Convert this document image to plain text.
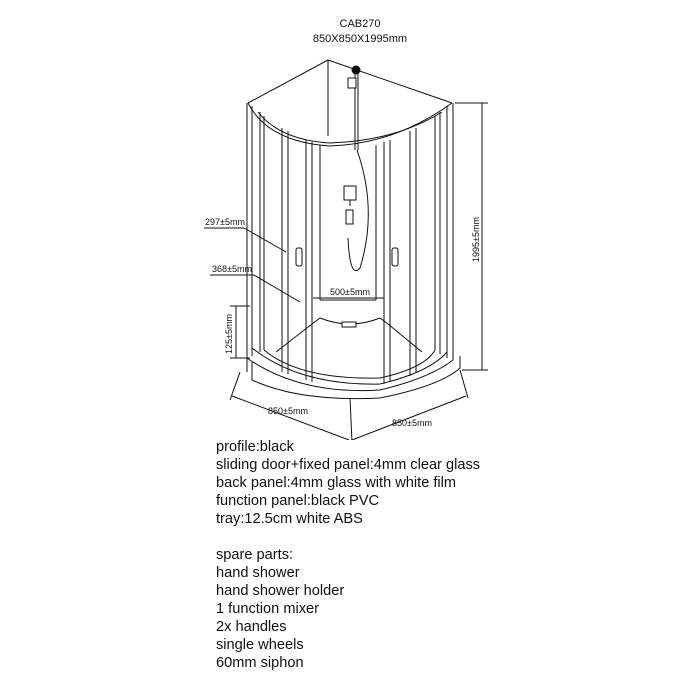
CAB270
850X850X1995mm
297±5mm
368±5mm
500±5mm
125±5mm
1995±5mm
850±5mm
850±5mm
profile:black
sliding door+fixed panel:4mm clear glass
back panel:4mm glass with white film
function panel:black PVC
tray:12.5cm white ABS
spare parts:
hand shower
hand shower holder
1 function mixer
2x handles
single wheels
60mm siphon
